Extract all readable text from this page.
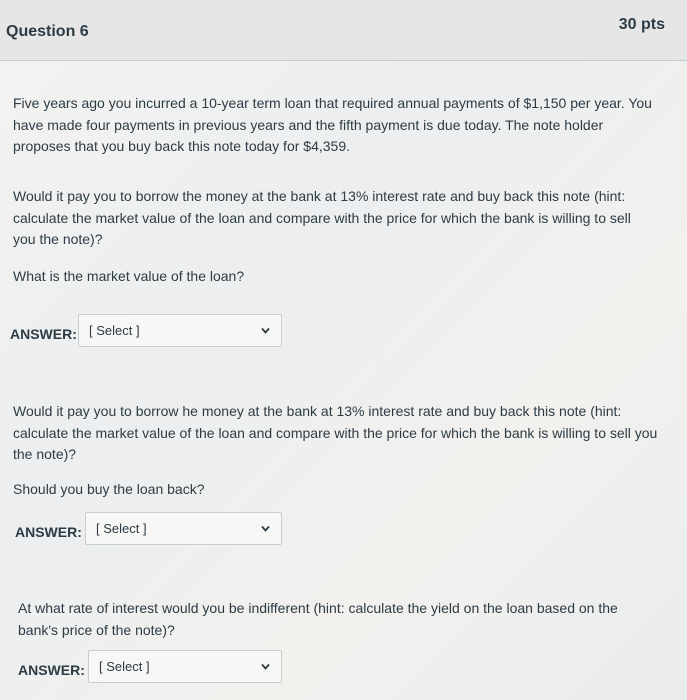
Question 6	30 pts

Five years ago you incurred a 10-year term loan that required annual payments of $1,150 per year. You have made four payments in previous years and the fifth payment is due today. The note holder proposes that you buy back this note today for $4,359.

Would it pay you to borrow the money at the bank at 13% interest rate and buy back this note (hint: calculate the market value of the loan and compare with the price for which the bank is willing to sell you the note)?

What is the market value of the loan?

ANSWER: [ Select ]

Would it pay you to borrow he money at the bank at 13% interest rate and buy back this note (hint: calculate the market value of the loan and compare with the price for which the bank is willing to sell you the note)?

Should you buy the loan back?

ANSWER: [ Select ]

At what rate of interest would you be indifferent (hint: calculate the yield on the loan based on the bank's price of the note)?

ANSWER: [ Select ]
